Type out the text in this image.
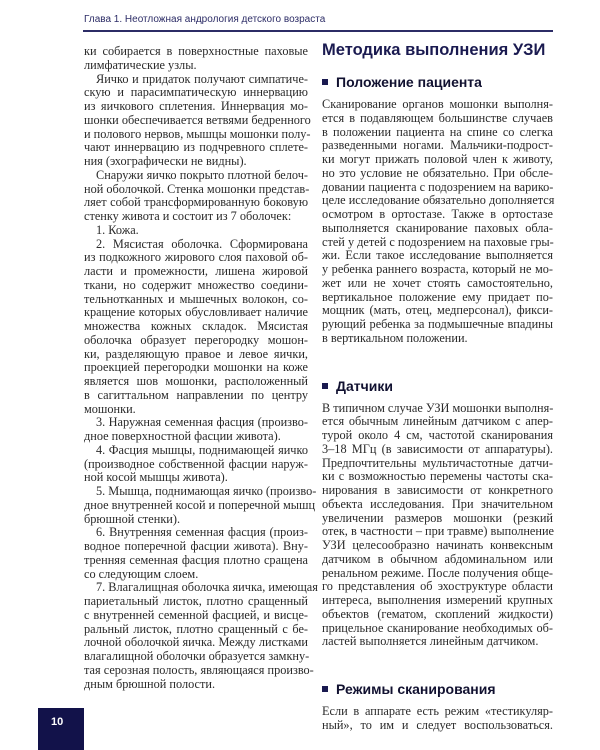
Глава 1. Неотложная андрология детского возраста
ки собирается в поверхностные паховые
лимфатические узлы.
Яичко и придаток получают симпатиче-
скую и парасимпатическую иннервацию
из яичкового сплетения. Иннервация мо-
шонки обеспечивается ветвями бедренного
и полового нервов, мышцы мошонки полу-
чают иннервацию из подчревного сплете-
ния (эхографически не видны).
Снаружи яичко покрыто плотной белоч-
ной оболочкой. Стенка мошонки представ-
ляет собой трансформированную боковую
стенку живота и состоит из 7 оболочек:
1. Кожа.
2. Мясистая оболочка. Сформирована
из подкожного жирового слоя паховой об-
ласти и промежности, лишена жировой
ткани, но содержит множество соедини-
тельнотканных и мышечных волокон, со-
кращение которых обусловливает наличие
множества кожных складок. Мясистая
оболочка образует перегородку мошон-
ки, разделяющую правое и левое яички,
проекцией перегородки мошонки на коже
является шов мошонки, расположенный
в сагиттальном направлении по центру
мошонки.
3. Наружная семенная фасция (произво-
дное поверхностной фасции живота).
4. Фасция мышцы, поднимающей яичко
(производное собственной фасции наруж-
ной косой мышцы живота).
5. Мышца, поднимающая яичко (произво-
дное внутренней косой и поперечной мышц
брюшной стенки).
6. Внутренняя семенная фасция (произ-
водное поперечной фасции живота). Вну-
тренняя семенная фасция плотно сращена
со следующим слоем.
7. Влагалищная оболочка яичка, имеющая
париетальный листок, плотно сращенный
с внутренней семенной фасцией, и висце-
ральный листок, плотно сращенный с бе-
лочной оболочкой яичка. Между листками
влагалищной оболочки образуется замкну-
тая серозная полость, являющаяся произво-
дным брюшной полости.
Методика выполнения УЗИ
Положение пациента
Сканирование органов мошонки выполня-
ется в подавляющем большинстве случаев
в положении пациента на спине со слегка
разведенными ногами. Мальчики-подрост-
ки могут прижать половой член к животу,
но это условие не обязательно. При обсле-
довании пациента с подозрением на варико-
целе исследование обязательно дополняется
осмотром в ортостазе. Также в ортостазе
выполняется сканирование паховых обла-
стей у детей с подозрением на паховые гры-
жи. Если такое исследование выполняется
у ребенка раннего возраста, который не мо-
жет или не хочет стоять самостоятельно,
вертикальное положение ему придает по-
мощник (мать, отец, медперсонал), фикси-
рующий ребенка за подмышечные впадины
в вертикальном положении.
Датчики
В типичном случае УЗИ мошонки выполня-
ется обычным линейным датчиком с апер-
турой около 4 см, частотой сканирования
3–18 МГц (в зависимости от аппаратуры).
Предпочтительны мультичастотные датчи-
ки с возможностью перемены частоты ска-
нирования в зависимости от конкретного
объекта исследования. При значительном
увеличении размеров мошонки (резкий
отек, в частности – при травме) выполнение
УЗИ целесообразно начинать конвексным
датчиком в обычном абдоминальном или
ренальном режиме. После получения обще-
го представления об эхоструктуре области
интереса, выполнения измерений крупных
объектов (гематом, скоплений жидкости)
прицельное сканирование необходимых об-
ластей выполняется линейным датчиком.
Режимы сканирования
Если в аппарате есть режим «тестикуляр-
ный», то им и следует воспользоваться.
10
